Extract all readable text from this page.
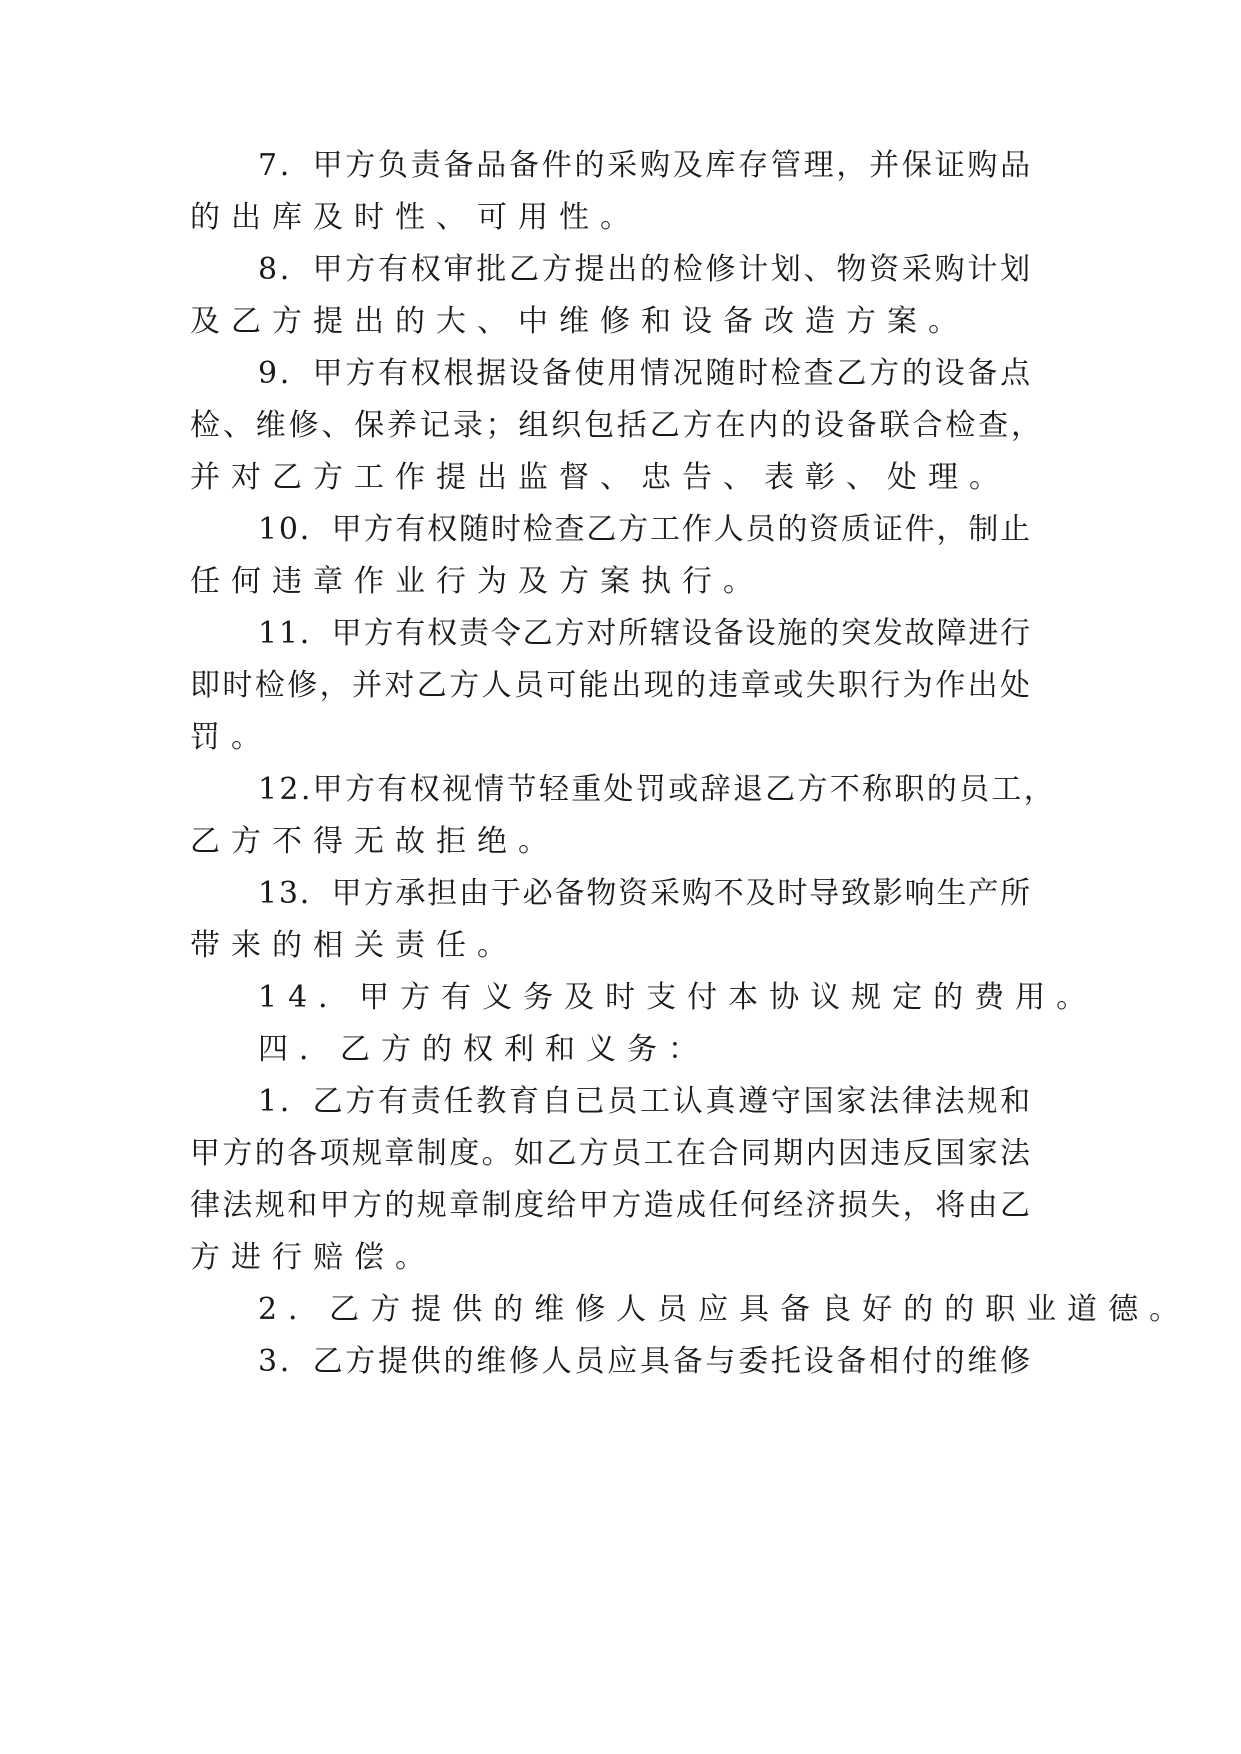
7．甲方负责备品备件的采购及库存管理，并保证购品
的出库及时性、可用性。
8．甲方有权审批乙方提出的检修计划、物资采购计划
及乙方提出的大、中维修和设备改造方案。
9．甲方有权根据设备使用情况随时检查乙方的设备点
检、维修、保养记录；组织包括乙方在内的设备联合检查，
并对乙方工作提出监督、忠告、表彰、处理。
10．甲方有权随时检查乙方工作人员的资质证件，制止
任何违章作业行为及方案执行。
11．甲方有权责令乙方对所辖设备设施的突发故障进行
即时检修，并对乙方人员可能出现的违章或失职行为作出处
罚。
12.甲方有权视情节轻重处罚或辞退乙方不称职的员工，
乙方不得无故拒绝。
13．甲方承担由于必备物资采购不及时导致影响生产所
带来的相关责任。
14．甲方有义务及时支付本协议规定的费用。
四．乙方的权利和义务：
1．乙方有责任教育自已员工认真遵守国家法律法规和
甲方的各项规章制度。如乙方员工在合同期内因违反国家法
律法规和甲方的规章制度给甲方造成任何经济损失，将由乙
方进行赔偿。
2．乙方提供的维修人员应具备良好的的职业道德。
3．乙方提供的维修人员应具备与委托设备相付的维修
